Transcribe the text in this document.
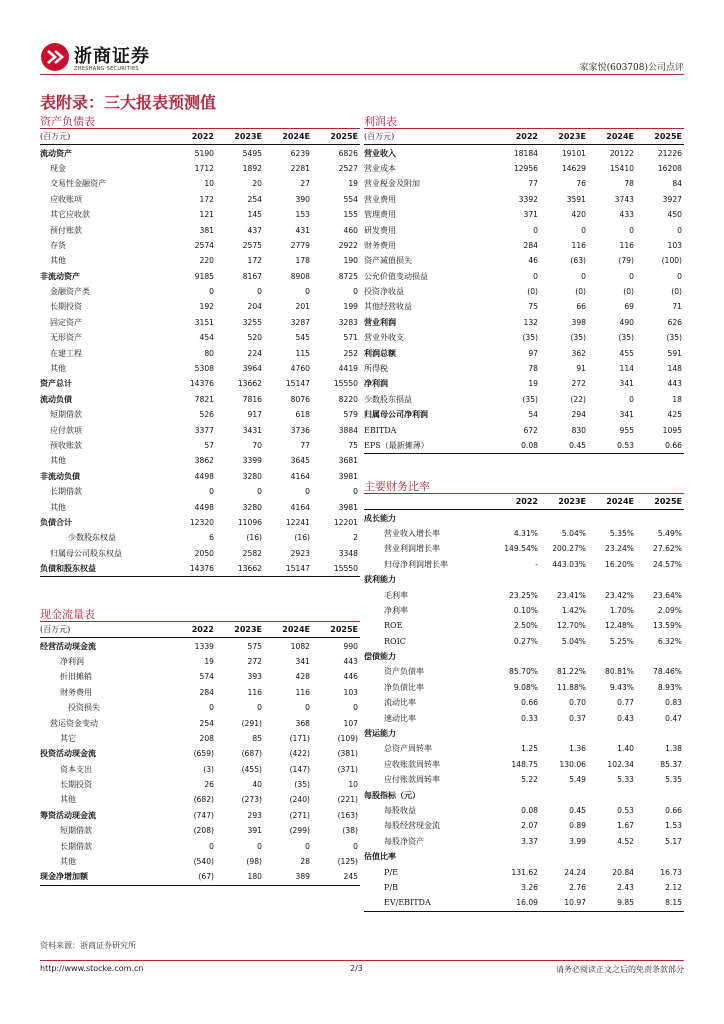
浙商证券
ZHESHANG SECURITIES	家家悦(603708)公司点评
表附录：三大报表预测值
资产负债表	利润表
现金流量表
主要财务比率
(百万元)	2022	2023E	2024E	2025E
流动资产	5190	5495	6239	6826
现金	1712	1892	2281	2527
交易性金融资产	10	20	27	19
应收账项	172	254	390	554
其它应收款	121	145	153	155
预付账款	381	437	431	460
存货	2574	2575	2779	2922
其他	220	172	178	190
非流动资产	9185	8167	8908	8725
金融资产类	0	0	0	0
长期投资	192	204	201	199
固定资产	3151	3255	3287	3283
无形资产	454	520	545	571
在建工程	80	224	115	252
其他	5308	3964	4760	4419
资产总计	14376	13662	15147	15550
流动负债	7821	7816	8076	8220
短期借款	526	917	618	579
应付款项	3377	3431	3736	3884
预收账款	57	70	77	75
其他	3862	3399	3645	3681
非流动负债	4498	3280	4164	3981
长期借款	0	0	0	0
其他	4498	3280	4164	3981
负债合计	12320	11096	12241	12201
少数股东权益	6	(16)	(16)	2
归属母公司股东权益	2050	2582	2923	3348
负债和股东权益	14376	13662	15147	15550
(百万元)	2022	2023E	2024E	2025E
营业收入	18184	19101	20122	21226
营业成本	12956	14629	15410	16208
营业税金及附加	77	76	78	84
营业费用	3392	3591	3743	3927
管理费用	371	420	433	450
研发费用	0	0	0	0
财务费用	284	116	116	103
资产减值损失	46	(63)	(79)	(100)
公允价值变动损益	0	0	0	0
投资净收益	(0)	(0)	(0)	(0)
其他经营收益	75	66	69	71
营业利润	132	398	490	626
营业外收支	(35)	(35)	(35)	(35)
利润总额	97	362	455	591
所得税	78	91	114	148
净利润	19	272	341	443
少数股东损益	(35)	(22)	0	18
归属母公司净利润	54	294	341	425
EBITDA	672	830	955	1095
EPS（最新摊薄）	0.08	0.45	0.53	0.66
	2022	2023E	2024E	2025E
成长能力				
营业收入增长率	4.31%	5.04%	5.35%	5.49%
营业利润增长率	149.54%	200.27%	23.24%	27.62%
归母净利润增长率	-	443.03%	16.20%	24.57%
获利能力				
毛利率	23.25%	23.41%	23.42%	23.64%
净利率	0.10%	1.42%	1.70%	2.09%
ROE	2.50%	12.70%	12.48%	13.59%
ROIC	0.27%	5.04%	5.25%	6.32%
偿债能力				
资产负债率	85.70%	81.22%	80.81%	78.46%
净负债比率	9.08%	11.88%	9.43%	8.93%
流动比率	0.66	0.70	0.77	0.83
速动比率	0.33	0.37	0.43	0.47
营运能力				
总资产周转率	1.25	1.36	1.40	1.38
应收账款周转率	148.75	130.06	102.34	85.37
应付账款周转率	5.22	5.49	5.33	5.35
每股指标（元）				
每股收益	0.08	0.45	0.53	0.66
每股经营现金流	2.07	0.89	1.67	1.53
每股净资产	3.37	3.99	4.52	5.17
估值比率				
P/E	131.62	24.24	20.84	16.73
P/B	3.26	2.76	2.43	2.12
EV/EBITDA	16.09	10.97	9.85	8.15
(百万元)	2022	2023E	2024E	2025E
经营活动现金流	1339	575	1082	990
净利润	19	272	341	443
折旧摊销	574	393	428	446
财务费用	284	116	116	103
投资损失	0	0	0	0
营运资金变动	254	(291)	368	107
其它	208	85	(171)	(109)
投资活动现金流	(659)	(687)	(422)	(381)
资本支出	(3)	(455)	(147)	(371)
长期投资	26	40	(35)	10
其他	(682)	(273)	(240)	(221)
筹资活动现金流	(747)	293	(271)	(163)
短期借款	(208)	391	(299)	(38)
长期借款	0	0	0	0
其他	(540)	(98)	28	(125)
现金净增加额	(67)	180	389	245
资料来源：浙商证券研究所
http://www.stocke.com.cn	2/3	请务必阅读正文之后的免责条款部分
